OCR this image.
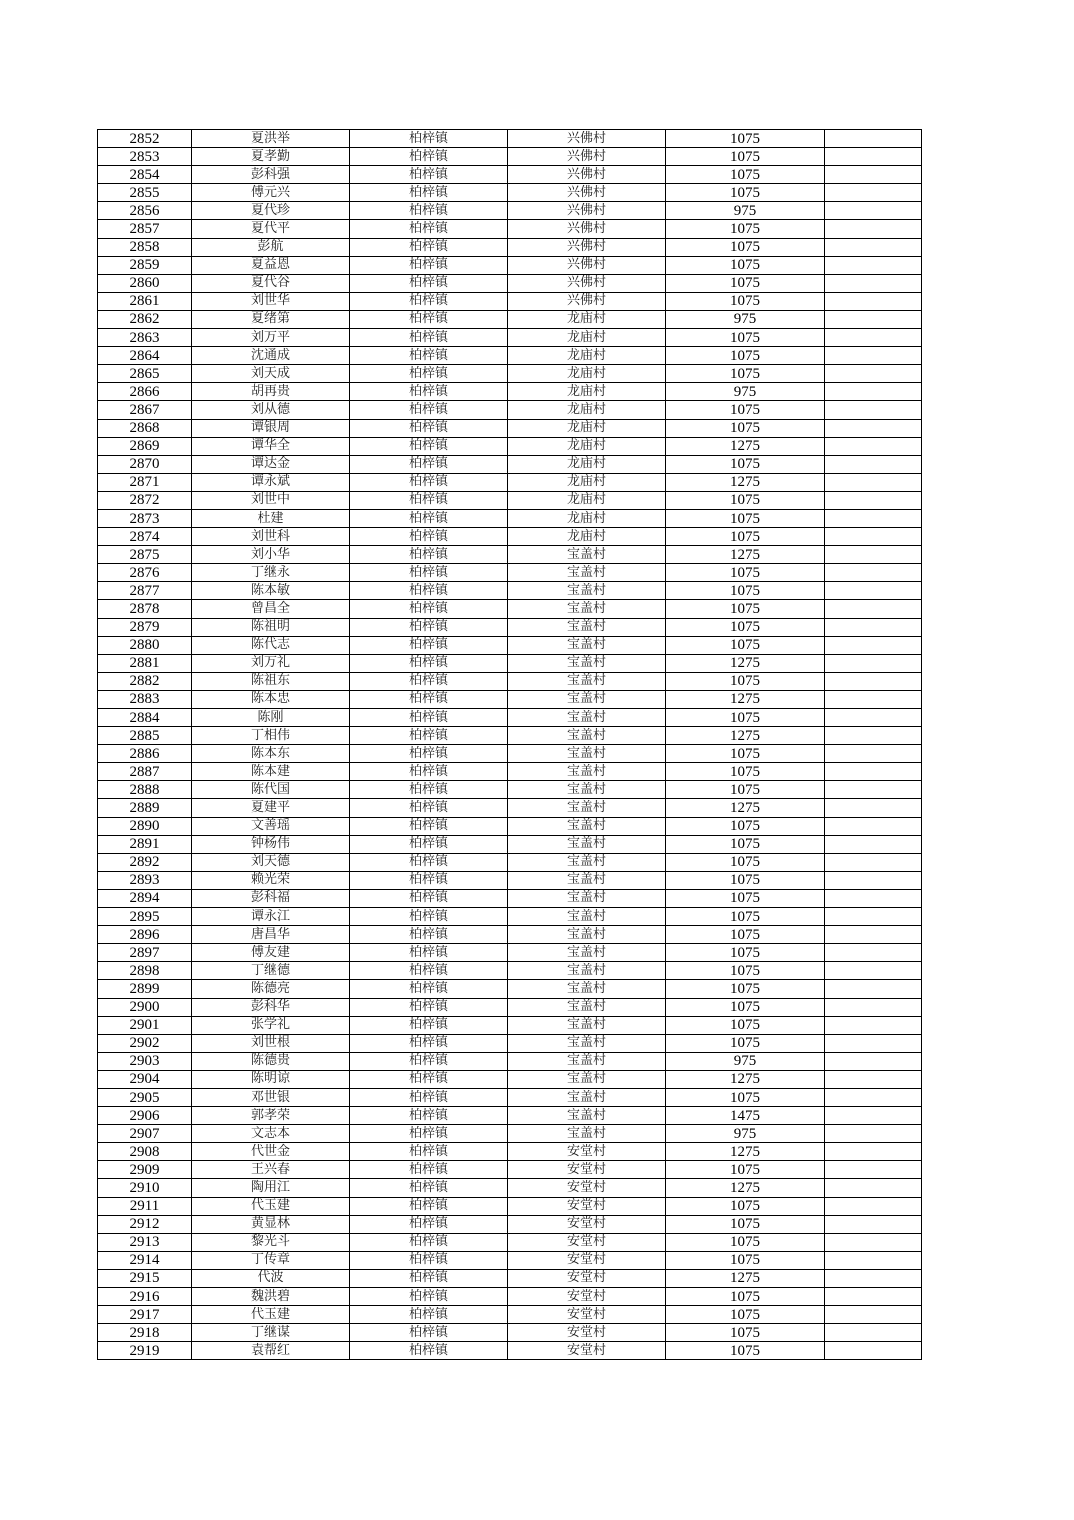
2852	夏洪举	柏梓镇	兴佛村	1075	
2853	夏孝勤	柏梓镇	兴佛村	1075	
2854	彭科强	柏梓镇	兴佛村	1075	
2855	傅元兴	柏梓镇	兴佛村	1075	
2856	夏代珍	柏梓镇	兴佛村	975	
2857	夏代平	柏梓镇	兴佛村	1075	
2858	彭航	柏梓镇	兴佛村	1075	
2859	夏益恩	柏梓镇	兴佛村	1075	
2860	夏代谷	柏梓镇	兴佛村	1075	
2861	刘世华	柏梓镇	兴佛村	1075	
2862	夏绪第	柏梓镇	龙庙村	975	
2863	刘万平	柏梓镇	龙庙村	1075	
2864	沈通成	柏梓镇	龙庙村	1075	
2865	刘天成	柏梓镇	龙庙村	1075	
2866	胡再贵	柏梓镇	龙庙村	975	
2867	刘从德	柏梓镇	龙庙村	1075	
2868	谭银周	柏梓镇	龙庙村	1075	
2869	谭华全	柏梓镇	龙庙村	1275	
2870	谭达金	柏梓镇	龙庙村	1075	
2871	谭永斌	柏梓镇	龙庙村	1275	
2872	刘世中	柏梓镇	龙庙村	1075	
2873	杜建	柏梓镇	龙庙村	1075	
2874	刘世科	柏梓镇	龙庙村	1075	
2875	刘小华	柏梓镇	宝盖村	1275	
2876	丁继永	柏梓镇	宝盖村	1075	
2877	陈本敏	柏梓镇	宝盖村	1075	
2878	曾昌全	柏梓镇	宝盖村	1075	
2879	陈祖明	柏梓镇	宝盖村	1075	
2880	陈代志	柏梓镇	宝盖村	1075	
2881	刘万礼	柏梓镇	宝盖村	1275	
2882	陈祖东	柏梓镇	宝盖村	1075	
2883	陈本忠	柏梓镇	宝盖村	1275	
2884	陈刚	柏梓镇	宝盖村	1075	
2885	丁相伟	柏梓镇	宝盖村	1275	
2886	陈本东	柏梓镇	宝盖村	1075	
2887	陈本建	柏梓镇	宝盖村	1075	
2888	陈代国	柏梓镇	宝盖村	1075	
2889	夏建平	柏梓镇	宝盖村	1275	
2890	文善瑶	柏梓镇	宝盖村	1075	
2891	钟杨伟	柏梓镇	宝盖村	1075	
2892	刘天德	柏梓镇	宝盖村	1075	
2893	赖光荣	柏梓镇	宝盖村	1075	
2894	彭科福	柏梓镇	宝盖村	1075	
2895	谭永江	柏梓镇	宝盖村	1075	
2896	唐昌华	柏梓镇	宝盖村	1075	
2897	傅友建	柏梓镇	宝盖村	1075	
2898	丁继德	柏梓镇	宝盖村	1075	
2899	陈德亮	柏梓镇	宝盖村	1075	
2900	彭科华	柏梓镇	宝盖村	1075	
2901	张学礼	柏梓镇	宝盖村	1075	
2902	刘世根	柏梓镇	宝盖村	1075	
2903	陈德贵	柏梓镇	宝盖村	975	
2904	陈明谅	柏梓镇	宝盖村	1275	
2905	邓世银	柏梓镇	宝盖村	1075	
2906	郭孝荣	柏梓镇	宝盖村	1475	
2907	文志本	柏梓镇	宝盖村	975	
2908	代世金	柏梓镇	安堂村	1275	
2909	王兴春	柏梓镇	安堂村	1075	
2910	陶用江	柏梓镇	安堂村	1275	
2911	代玉建	柏梓镇	安堂村	1075	
2912	黄显林	柏梓镇	安堂村	1075	
2913	黎光斗	柏梓镇	安堂村	1075	
2914	丁传章	柏梓镇	安堂村	1075	
2915	代波	柏梓镇	安堂村	1275	
2916	魏洪碧	柏梓镇	安堂村	1075	
2917	代玉建	柏梓镇	安堂村	1075	
2918	丁继谋	柏梓镇	安堂村	1075	
2919	袁帮红	柏梓镇	安堂村	1075	
